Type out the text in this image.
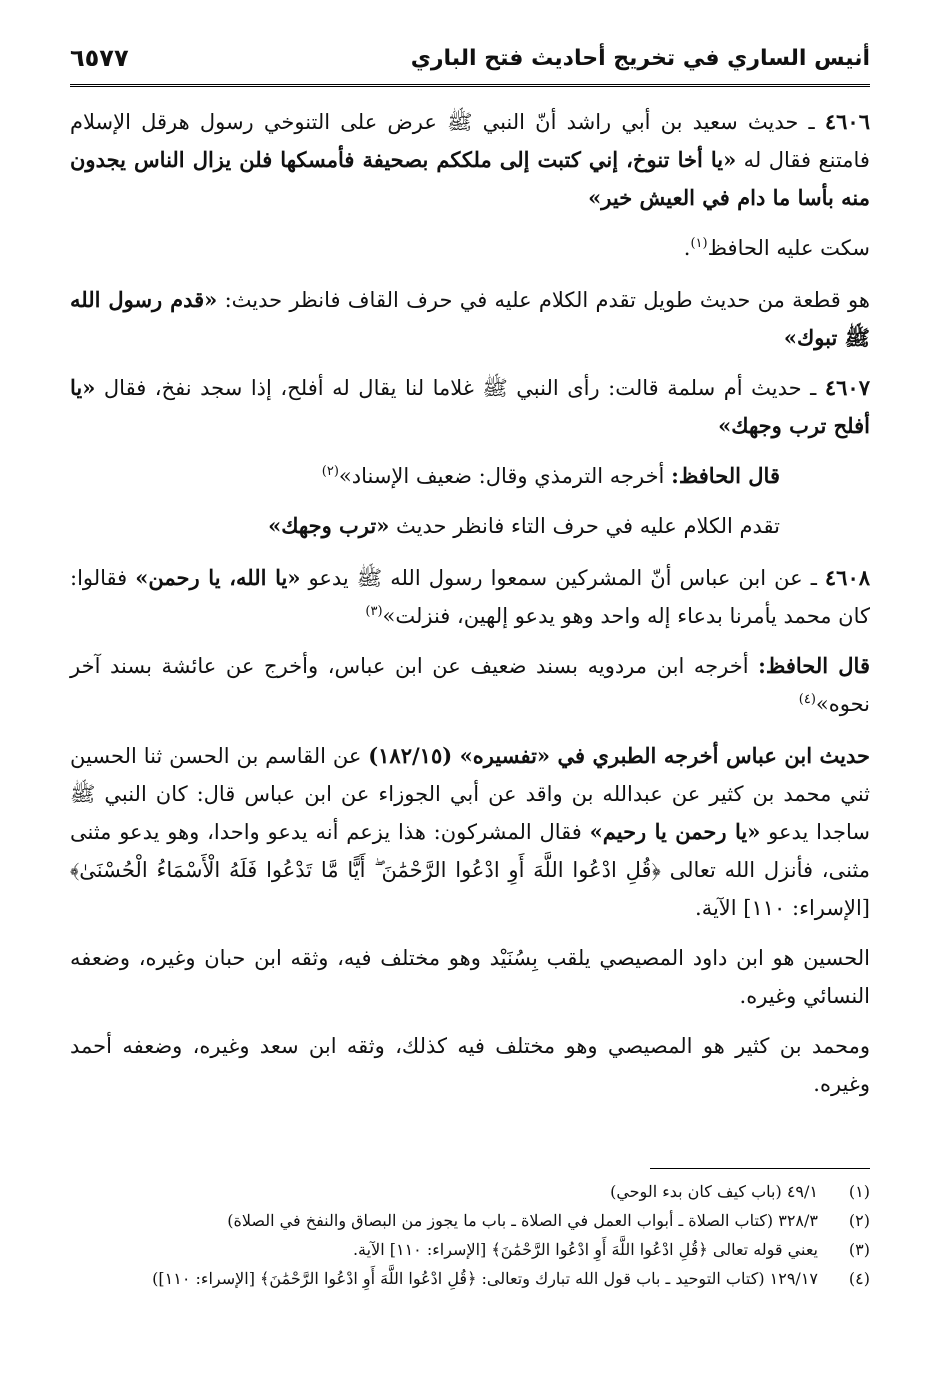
أنيس الساري في تخريج أحاديث فتح الباري
٦٥٧٧

٤٦٠٦ ـ حديث سعيد بن أبي راشد أنّ النبي ﷺ عرض على التنوخي رسول هرقل الإسلام فامتنع فقال له «يا أخا تنوخ، إني كتبت إلى ملككم بصحيفة فأمسكها فلن يزال الناس يجدون منه بأسا ما دام في العيش خير»

سكت عليه الحافظ$^{(١)}$.

هو قطعة من حديث طويل تقدم الكلام عليه في حرف القاف فانظر حديث: «قدم رسول الله ﷺ تبوك»

٤٦٠٧ ـ حديث أم سلمة قالت: رأى النبي ﷺ غلاما لنا يقال له أفلح، إذا سجد نفخ، فقال «يا أفلح ترب وجهك»

قال الحافظ: أخرجه الترمذي وقال: ضعيف الإسناد»$^{(٢)}$

تقدم الكلام عليه في حرف التاء فانظر حديث «ترب وجهك»

٤٦٠٨ ـ عن ابن عباس أنّ المشركين سمعوا رسول الله ﷺ يدعو «يا الله، يا رحمن» فقالوا: كان محمد يأمرنا بدعاء إله واحد وهو يدعو إلهين، فنزلت»$^{(٣)}$

قال الحافظ: أخرجه ابن مردويه بسند ضعيف عن ابن عباس، وأخرج عن عائشة بسند آخر نحوه»$^{(٤)}$

حديث ابن عباس أخرجه الطبري في «تفسيره» (١٨٢/١٥) عن القاسم بن الحسن ثنا الحسين ثني محمد بن كثير عن عبدالله بن واقد عن أبي الجوزاء عن ابن عباس قال: كان النبي ﷺ ساجدا يدعو «يا رحمن يا رحيم» فقال المشركون: هذا يزعم أنه يدعو واحدا، وهو يدعو مثنى مثنى، فأنزل الله تعالى ﴿قُلِ ادْعُوا اللَّهَ أَوِ ادْعُوا الرَّحْمَٰنَ ۖ أَيًّا مَّا تَدْعُوا فَلَهُ الْأَسْمَاءُ الْحُسْنَىٰ﴾ [الإسراء: ١١٠] الآية.

الحسين هو ابن داود المصيصي يلقب بِسُنَيْد وهو مختلف فيه، وثقه ابن حبان وغيره، وضعفه النسائي وغيره.

ومحمد بن كثير هو المصيصي وهو مختلف فيه كذلك، وثقه ابن سعد وغيره، وضعفه أحمد وغيره.

(١)
٤٩/١ (باب كيف كان بدء الوحي)
(٢)
٣٢٨/٣ (كتاب الصلاة ـ أبواب العمل في الصلاة ـ باب ما يجوز من البصاق والنفخ في الصلاة)
(٣)
يعني قوله تعالى ﴿قُلِ ادْعُوا اللَّهَ أَوِ ادْعُوا الرَّحْمَٰنَ﴾ [الإسراء: ١١٠] الآية.
(٤)
١٢٩/١٧ (كتاب التوحيد ـ باب قول الله تبارك وتعالى: ﴿قُلِ ادْعُوا اللَّهَ أَوِ ادْعُوا الرَّحْمَٰنَ﴾ [الإسراء: ١١٠])
